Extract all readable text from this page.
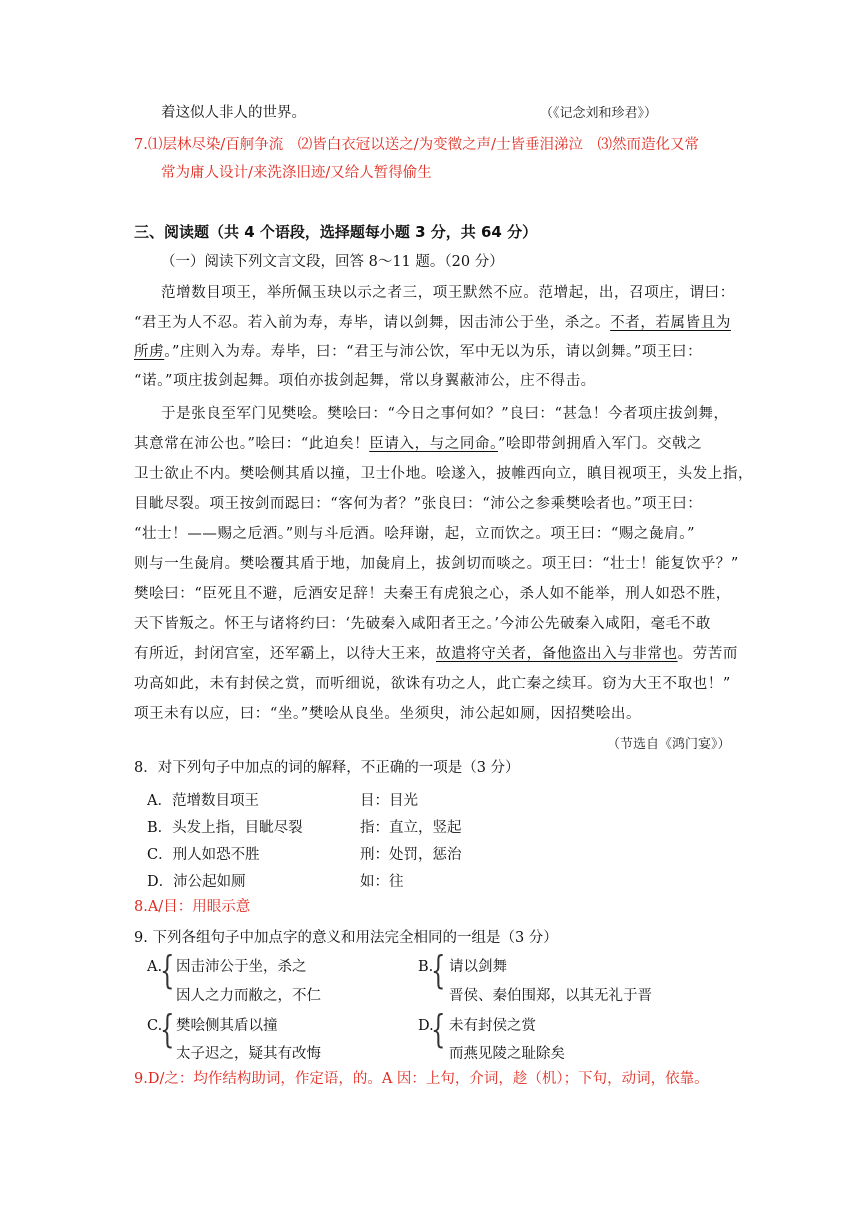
着这似人非人的世界。	（《记念刘和珍君》）
7.⑴层林尽染/百舸争流　⑵皆白衣冠以送之/为变徵之声/士皆垂泪涕泣　⑶然而造化又常
常为庸人设计/来洗涤旧迹/又给人暂得偷生
三、阅读题（共 4 个语段，选择题每小题 3 分，共 64 分）
（一）阅读下列文言文段，回答 8～11 题。（20 分）
范增数目项王，举所佩玉玦以示之者三，项王默然不应。范增起，出，召项庄，谓曰：
“君王为人不忍。若入前为寿，寿毕，请以剑舞，因击沛公于坐，杀之。不者，若属皆且为
所虏。”庄则入为寿。寿毕，曰：“君王与沛公饮，军中无以为乐，请以剑舞。”项王曰：
“诺。”项庄拔剑起舞。项伯亦拔剑起舞，常以身翼蔽沛公，庄不得击。
于是张良至军门见樊哙。樊哙曰：“今日之事何如？”良曰：“甚急！今者项庄拔剑舞，
其意常在沛公也。”哙曰：“此迫矣！臣请入，与之同命。”哙即带剑拥盾入军门。交戟之
卫士欲止不内。樊哙侧其盾以撞，卫士仆地。哙遂入，披帷西向立，瞋目视项王，头发上指，
目眦尽裂。项王按剑而跽曰：“客何为者？”张良曰：“沛公之参乘樊哙者也。”项王曰：
“壮士！——赐之卮酒。”则与斗卮酒。哙拜谢，起，立而饮之。项王曰：“赐之彘肩。”
则与一生彘肩。樊哙覆其盾于地，加彘肩上，拔剑切而啖之。项王曰：“壮士！能复饮乎？”
樊哙曰：“臣死且不避，卮酒安足辞！夫秦王有虎狼之心，杀人如不能举，刑人如恐不胜，
天下皆叛之。怀王与诸将约曰：‘先破秦入咸阳者王之。’今沛公先破秦入咸阳，毫毛不敢
有所近，封闭宫室，还军霸上，以待大王来，故遣将守关者，备他盗出入与非常也。劳苦而
功高如此，未有封侯之赏，而听细说，欲诛有功之人，此亡秦之续耳。窃为大王不取也！”
项王未有以应，曰：“坐。”樊哙从良坐。坐须臾，沛公起如厕，因招樊哙出。
（节选自《鸿门宴》）
8．对下列句子中加点的词的解释，不正确的一项是（3 分）
A．范增数目项王	目：目光
B．头发上指，目眦尽裂	指：直立，竖起
C．刑人如恐不胜	刑：处罚，惩治
D．沛公起如厕	如：往
8.A/目：用眼示意
9. 下列各组句子中加点字的意义和用法完全相同的一组是（3 分）
A.
{ 因击沛公于坐，杀之
因人之力而敝之，不仁
B.
{ 请以剑舞
晋侯、秦伯围郑，以其无礼于晋
C.
{ 樊哙侧其盾以撞
太子迟之，疑其有改悔
D.
{ 未有封侯之赏
而燕见陵之耻除矣
9.D/之：均作结构助词，作定语，的。A 因：上句，介词，趁（机）；下句，动词，依靠。
